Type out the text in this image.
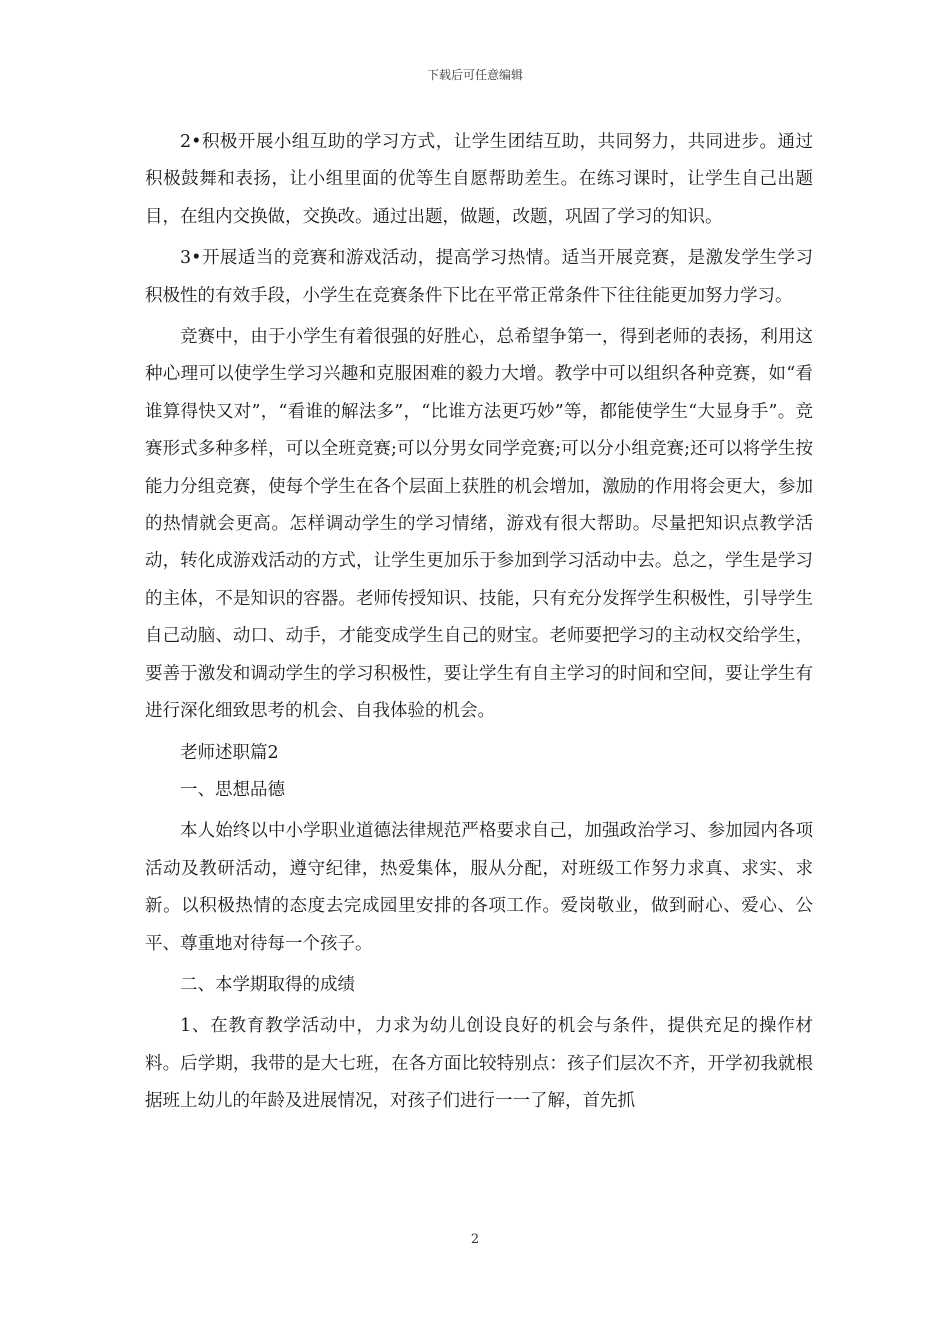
下载后可任意编辑

2•积极开展小组互助的学习方式，让学生团结互助，共同努力，共同进步。通过积极鼓舞和表扬，让小组里面的优等生自愿帮助差生。在练习课时，让学生自己出题目，在组内交换做，交换改。通过出题，做题，改题，巩固了学习的知识。

3•开展适当的竞赛和游戏活动，提高学习热情。适当开展竞赛，是激发学生学习积极性的有效手段，小学生在竞赛条件下比在平常正常条件下往往能更加努力学习。

竞赛中，由于小学生有着很强的好胜心，总希望争第一，得到老师的表扬，利用这种心理可以使学生学习兴趣和克服困难的毅力大增。教学中可以组织各种竞赛，如“看谁算得快又对”，“看谁的解法多”，“比谁方法更巧妙”等，都能使学生“大显身手”。竞赛形式多种多样，可以全班竞赛;可以分男女同学竞赛;可以分小组竞赛;还可以将学生按能力分组竞赛，使每个学生在各个层面上获胜的机会增加，激励的作用将会更大，参加的热情就会更高。怎样调动学生的学习情绪，游戏有很大帮助。尽量把知识点教学活动，转化成游戏活动的方式，让学生更加乐于参加到学习活动中去。总之，学生是学习的主体，不是知识的容器。老师传授知识、技能，只有充分发挥学生积极性，引导学生自己动脑、动口、动手，才能变成学生自己的财宝。老师要把学习的主动权交给学生，要善于激发和调动学生的学习积极性，要让学生有自主学习的时间和空间，要让学生有进行深化细致思考的机会、自我体验的机会。

老师述职篇2

一、思想品德

本人始终以中小学职业道德法律规范严格要求自己，加强政治学习、参加园内各项活动及教研活动，遵守纪律，热爱集体，服从分配，对班级工作努力求真、求实、求新。以积极热情的态度去完成园里安排的各项工作。爱岗敬业，做到耐心、爱心、公平、尊重地对待每一个孩子。

二、本学期取得的成绩

1、在教育教学活动中，力求为幼儿创设良好的机会与条件，提供充足的操作材料。后学期，我带的是大七班，在各方面比较特别点：孩子们层次不齐，开学初我就根据班上幼儿的年龄及进展情况，对孩子们进行一一了解，首先抓

2
